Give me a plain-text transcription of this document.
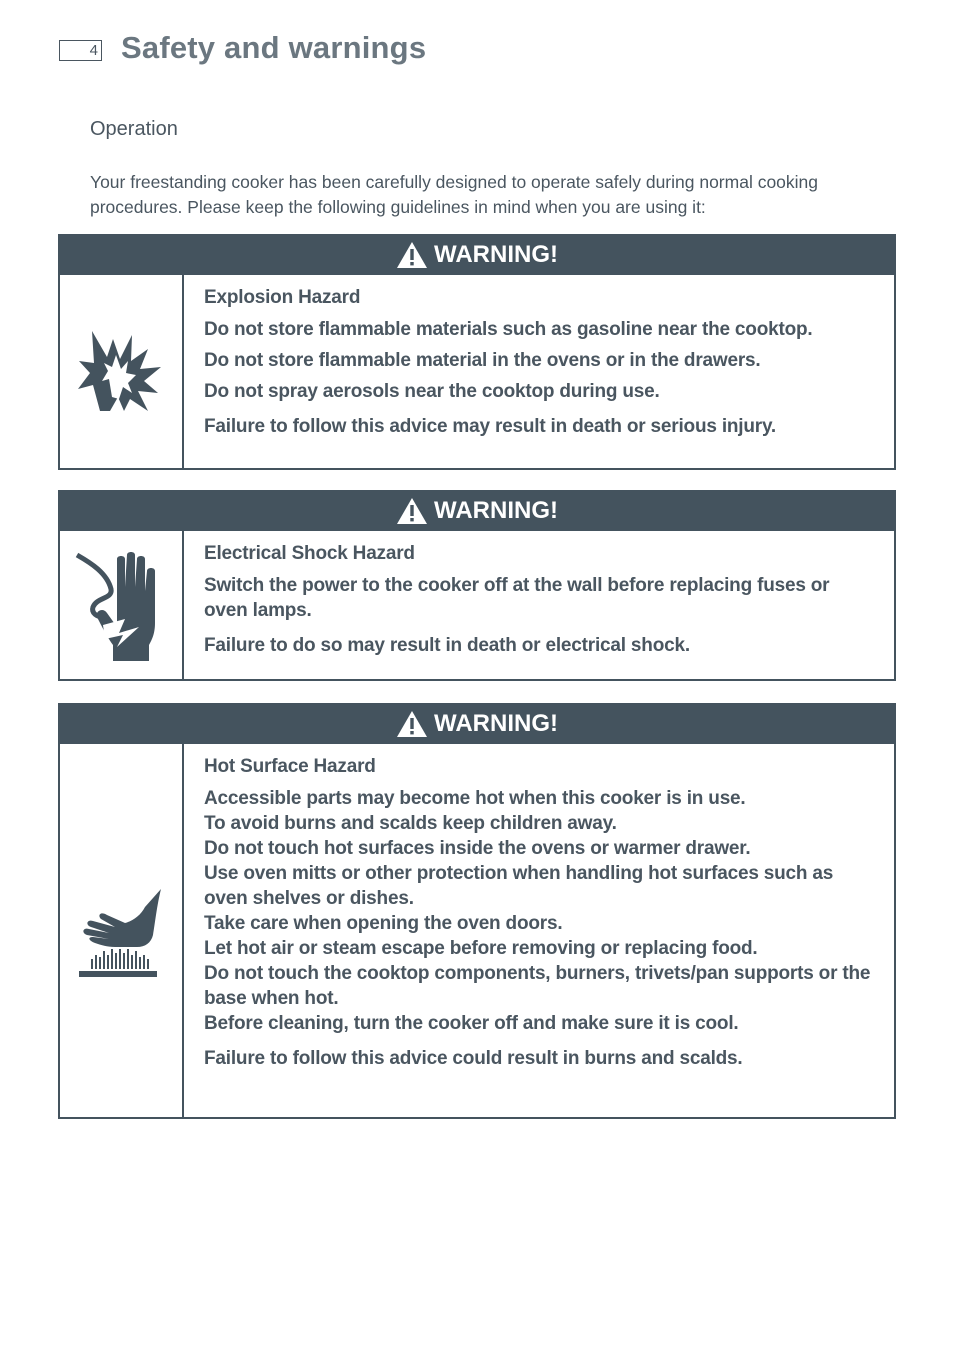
4 Safety and warnings
Operation

Your freestanding cooker has been carefully designed to operate safely during normal cooking procedures. Please keep the following guidelines in mind when you are using it:

WARNING!
Explosion Hazard

Do not store flammable materials such as gasoline near the cooktop.

Do not store flammable material in the ovens or in the drawers.

Do not spray aerosols near the cooktop during use.

Failure to follow this advice may result in death or serious injury.

WARNING!
Electrical Shock Hazard

Switch the power to the cooker off at the wall before replacing fuses or oven lamps.

Failure to do so may result in death or electrical shock.

WARNING!
Hot Surface Hazard

Accessible parts may become hot when this cooker is in use.

To avoid burns and scalds keep children away.

Do not touch hot surfaces inside the ovens or warmer drawer.

Use oven mitts or other protection when handling hot surfaces such as oven shelves or dishes.

Take care when opening the oven doors.

Let hot air or steam escape before removing or replacing food.

Do not touch the cooktop components, burners, trivets/pan supports or the base when hot.

Before cleaning, turn the cooker off and make sure it is cool.

Failure to follow this advice could result in burns and scalds.
